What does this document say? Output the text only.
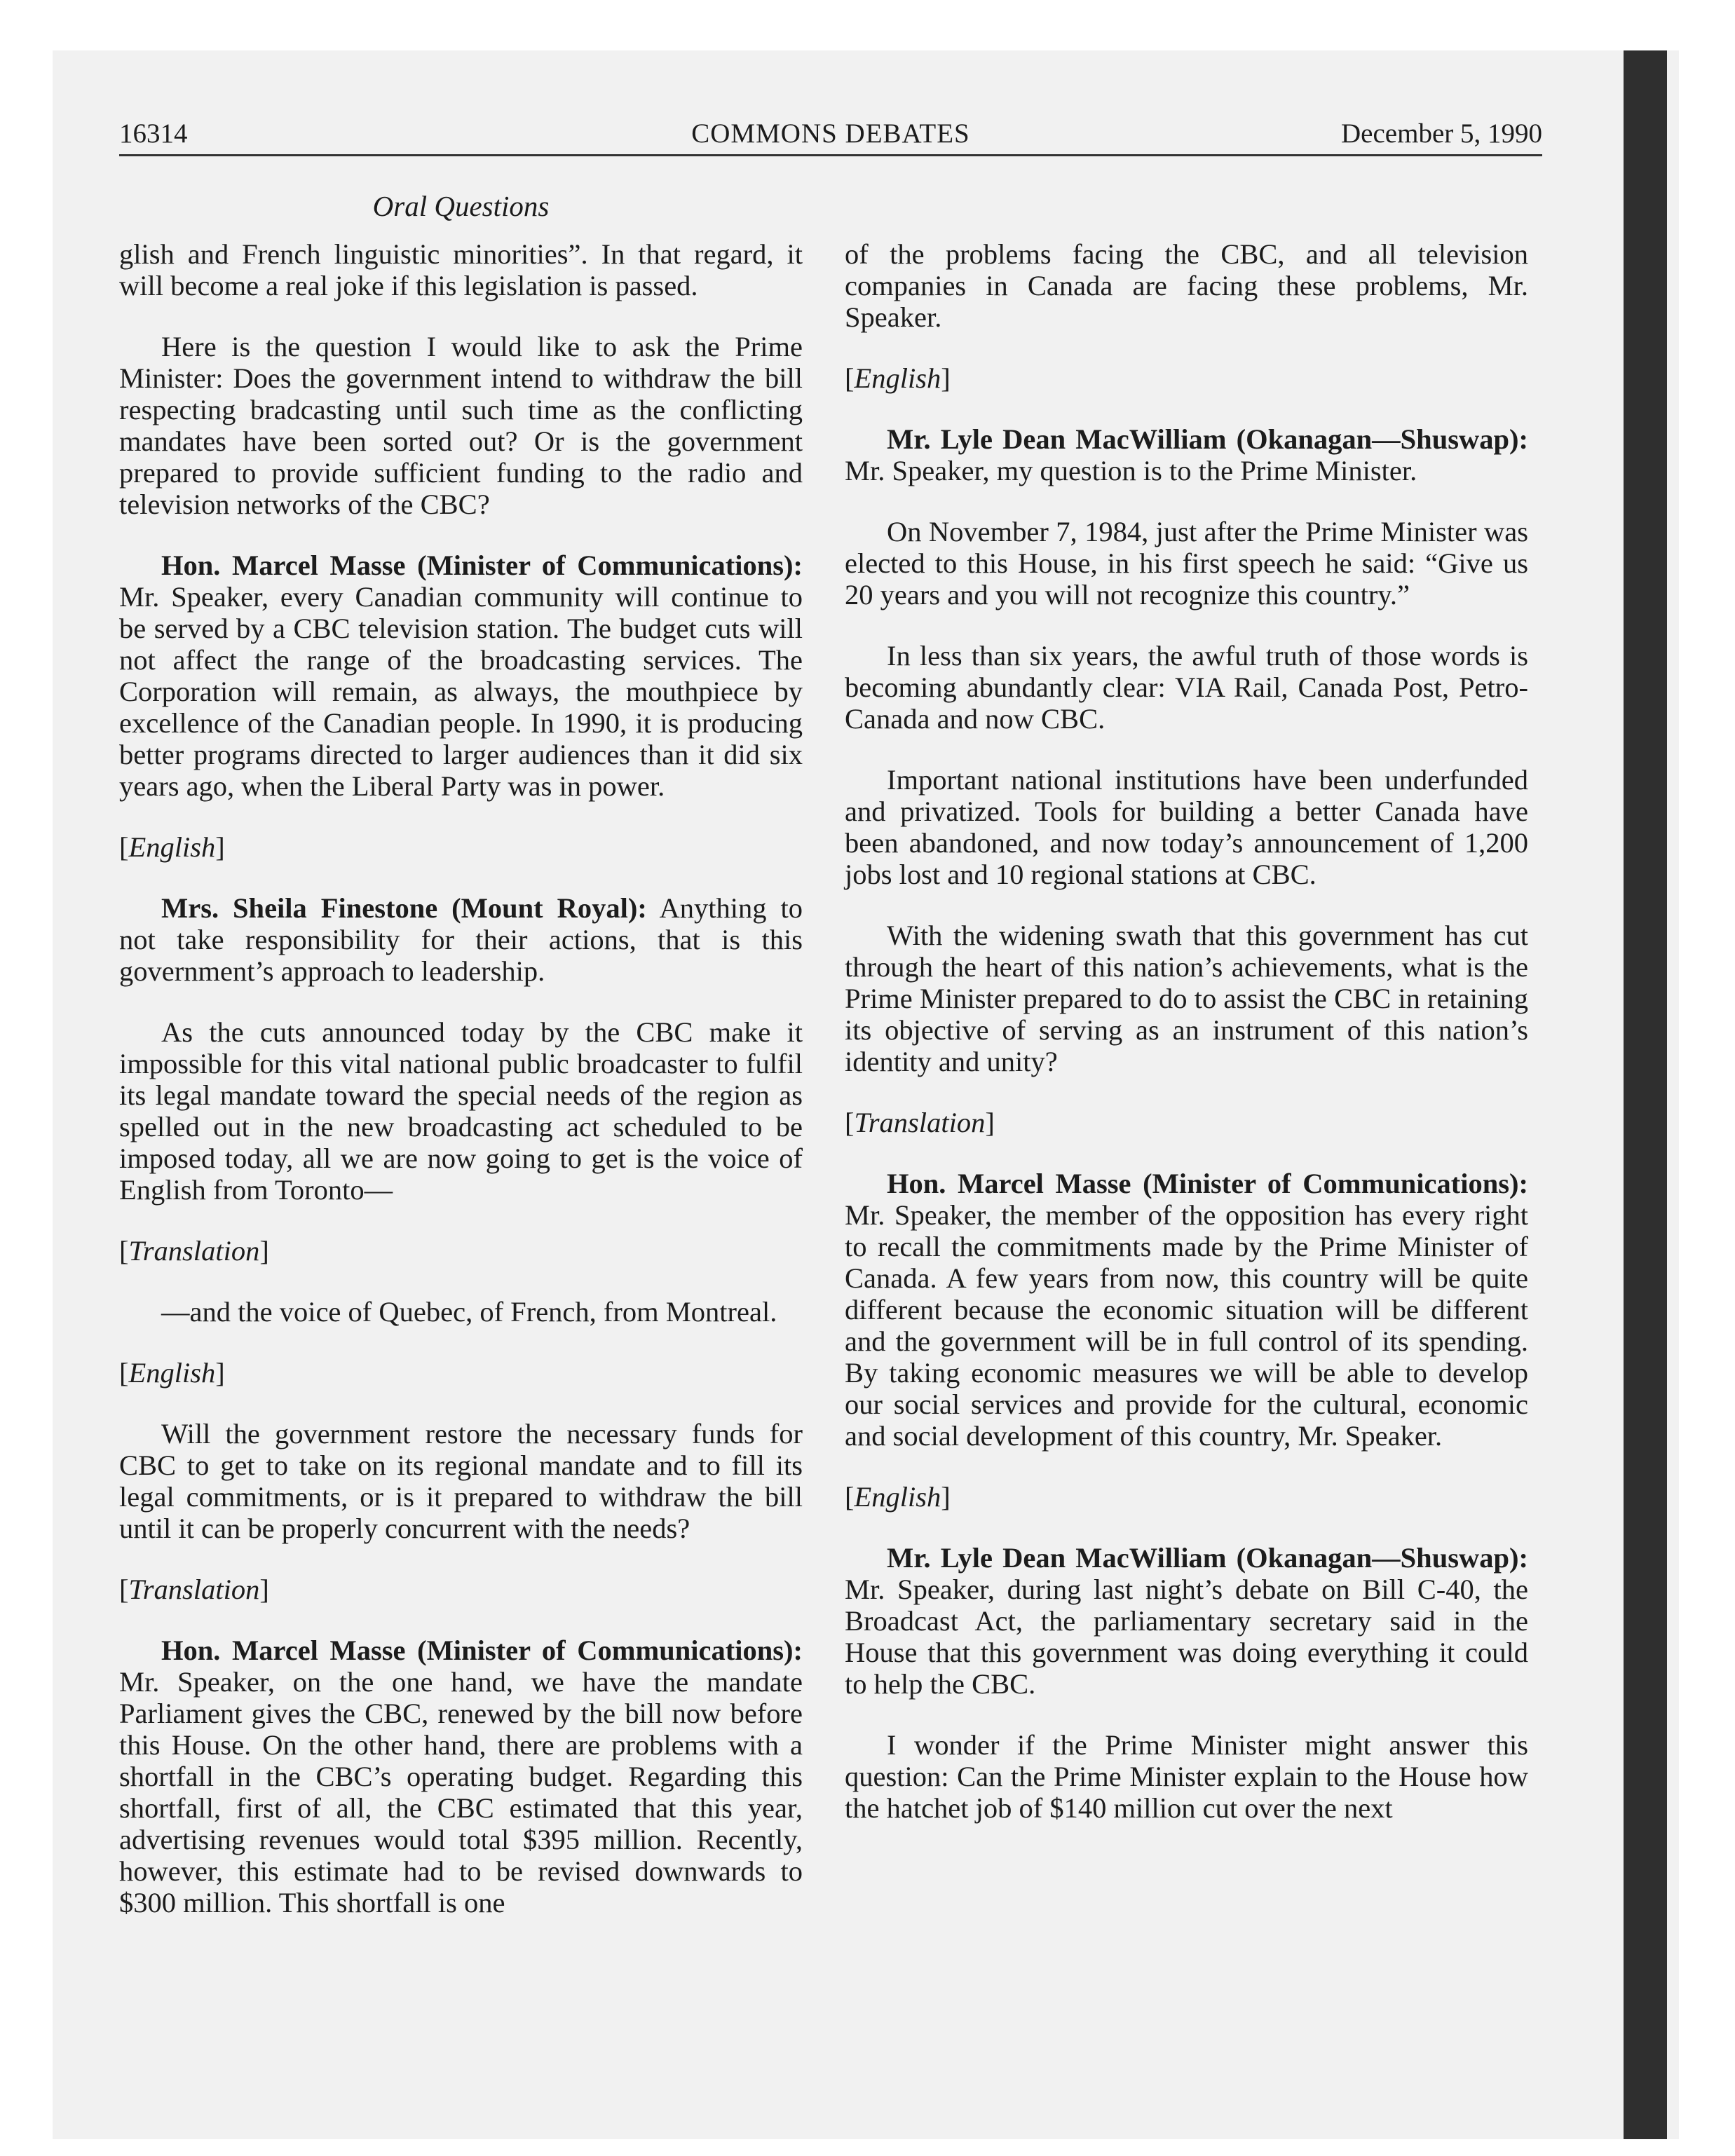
16314	COMMONS DEBATES	December 5, 1990
Oral Questions

glish and French linguistic minorities”. In that regard, it will become a real joke if this legislation is passed.

Here is the question I would like to ask the Prime Minister: Does the government intend to withdraw the bill respecting bradcasting until such time as the conflicting mandates have been sorted out? Or is the government prepared to provide sufficient funding to the radio and television networks of the CBC?

Hon. Marcel Masse (Minister of Communications): Mr. Speaker, every Canadian community will continue to be served by a CBC television station. The budget cuts will not affect the range of the broadcasting services. The Corporation will remain, as always, the mouthpiece by excellence of the Canadian people. In 1990, it is producing better programs directed to larger audiences than it did six years ago, when the Liberal Party was in power.

[English]

Mrs. Sheila Finestone (Mount Royal): Anything to not take responsibility for their actions, that is this government’s approach to leadership.

As the cuts announced today by the CBC make it impossible for this vital national public broadcaster to fulfil its legal mandate toward the special needs of the region as spelled out in the new broadcasting act scheduled to be imposed today, all we are now going to get is the voice of English from Toronto—

[Translation]

—and the voice of Quebec, of French, from Montreal.

[English]

Will the government restore the necessary funds for CBC to get to take on its regional mandate and to fill its legal commitments, or is it prepared to withdraw the bill until it can be properly concurrent with the needs?

[Translation]

Hon. Marcel Masse (Minister of Communications): Mr. Speaker, on the one hand, we have the mandate Parliament gives the CBC, renewed by the bill now before this House. On the other hand, there are problems with a shortfall in the CBC’s operating budget. Regarding this shortfall, first of all, the CBC estimated that this year, advertising revenues would total $395 million. Recently, however, this estimate had to be revised downwards to $300 million. This shortfall is one

of the problems facing the CBC, and all television companies in Canada are facing these problems, Mr. Speaker.

[English]

Mr. Lyle Dean MacWilliam (Okanagan—Shuswap): Mr. Speaker, my question is to the Prime Minister.

On November 7, 1984, just after the Prime Minister was elected to this House, in his first speech he said: “Give us 20 years and you will not recognize this country.”

In less than six years, the awful truth of those words is becoming abundantly clear: VIA Rail, Canada Post, Petro-Canada and now CBC.

Important national institutions have been underfunded and privatized. Tools for building a better Canada have been abandoned, and now today’s announcement of 1,200 jobs lost and 10 regional stations at CBC.

With the widening swath that this government has cut through the heart of this nation’s achievements, what is the Prime Minister prepared to do to assist the CBC in retaining its objective of serving as an instrument of this nation’s identity and unity?

[Translation]

Hon. Marcel Masse (Minister of Communications): Mr. Speaker, the member of the opposition has every right to recall the commitments made by the Prime Minister of Canada. A few years from now, this country will be quite different because the economic situation will be different and the government will be in full control of its spending. By taking economic measures we will be able to develop our social services and provide for the cultural, economic and social development of this country, Mr. Speaker.

[English]

Mr. Lyle Dean MacWilliam (Okanagan—Shuswap): Mr. Speaker, during last night’s debate on Bill C-40, the Broadcast Act, the parliamentary secretary said in the House that this government was doing everything it could to help the CBC.

I wonder if the Prime Minister might answer this question: Can the Prime Minister explain to the House how the hatchet job of $140 million cut over the next
